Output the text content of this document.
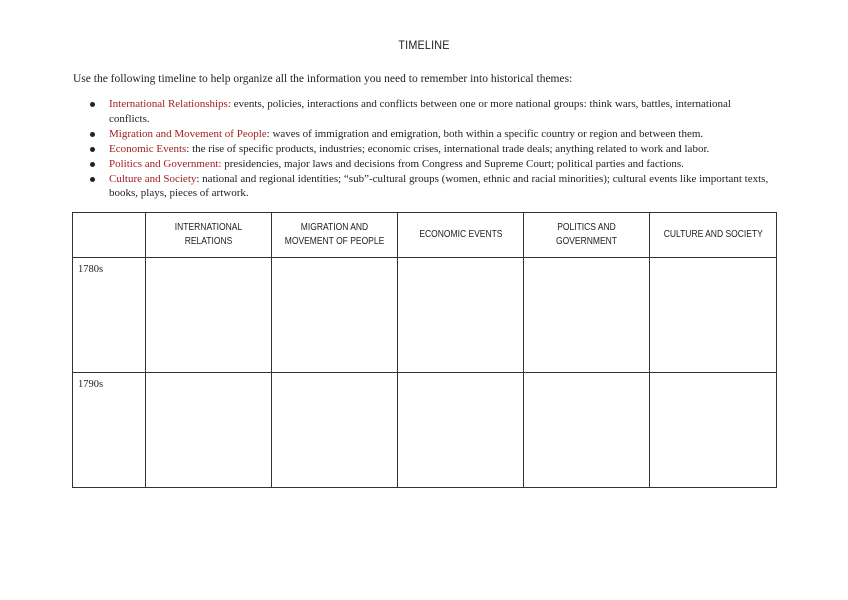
TIMELINE
Use the following timeline to help organize all the information you need to remember into historical themes:
International Relationships: events, policies, interactions and conflicts between one or more national groups: think wars, battles, international conflicts.
Migration and Movement of People: waves of immigration and emigration, both within a specific country or region and between them.
Economic Events: the rise of specific products, industries; economic crises, international trade deals; anything related to work and labor.
Politics and Government: presidencies, major laws and decisions from Congress and Supreme Court; political parties and factions.
Culture and Society: national and regional identities; “sub”-cultural groups (women, ethnic and racial minorities); cultural events like important texts, books, plays, pieces of artwork.
	INTERNATIONAL RELATIONS	MIGRATION AND MOVEMENT OF PEOPLE	ECONOMIC EVENTS	POLITICS AND GOVERNMENT	CULTURE AND SOCIETY
1780s					
1790s					
